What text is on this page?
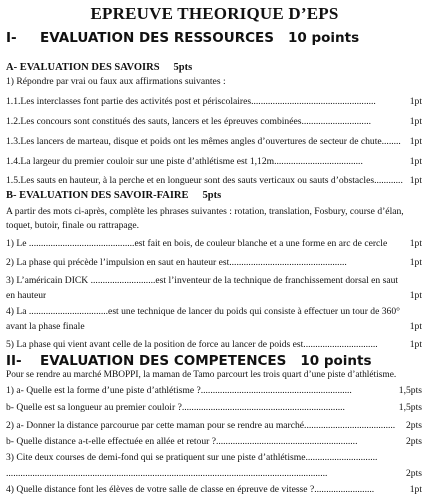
EPREUVE THEORIQUE D’EPS
I- EVALUATION DES RESSOURCES 10 points
A- EVALUATION DES SAVOIRS 5pts
1) Répondre par vrai ou faux aux affirmations suivantes :
1.1.Les interclasses font partie des activités post et périscolaires....................................................	1pt
1.2.Les concours sont constitués des sauts, lancers et les épreuves combinées.............................	1pt
1.3.Les lancers de marteau, disque et poids ont les mêmes angles d’ouvertures de secteur de chute........ 1pt
1.4.La largeur du premier couloir sur une piste d’athlétisme est 1,12m.....................................	1pt
1.5.Les sauts en hauteur, à la perche et en longueur sont des sauts verticaux ou sauts d’obstacles............ 1pt
B- EVALUATION DES SAVOIR-FAIRE 5pts
A partir des mots ci-après, complète les phrases suivantes : rotation, translation, Fosbury, course d’élan,
toquet, butoir, finale ou rattrapage.
1) Le ............................................est fait en bois, de couleur blanche et a une forme en arc de cercle 1pt
2) La phase qui précède l’impulsion en saut en hauteur est.................................................	1pt
3) L’américain DICK ...........................est l’inventeur de la technique de franchissement dorsal en saut
en hauteur	1pt
4) La .................................est une technique de lancer du poids qui consiste à effectuer un tour de 360°
avant la phase finale	1pt
5) La phase qui vient avant celle de la position de force au lancer de poids est...............................	1pt
II- EVALUATION DES COMPETENCES 10 points
Pour se rendre au marché MBOPPI, la maman de Tamo parcourt les trois quart d’une piste d’athlétisme.
1) a- Quelle est la forme d’une piste d’athlétisme ?...............................................................	1,5pts
b- Quelle est sa longueur au premier couloir ?....................................................................	1,5pts
2) a- Donner la distance parcourue par cette maman pour se rendre au marché...................................... 2pts
b- Quelle distance a-t-elle effectuée en allée et retour ?...........................................................	2pts
3) Cite deux courses de demi-fond qui se pratiquent sur une piste d’athlétisme..............................
......................................................................................................................................	2pts
4) Quelle distance font les élèves de votre salle de classe en épreuve de vitesse ?.........................	1pt
